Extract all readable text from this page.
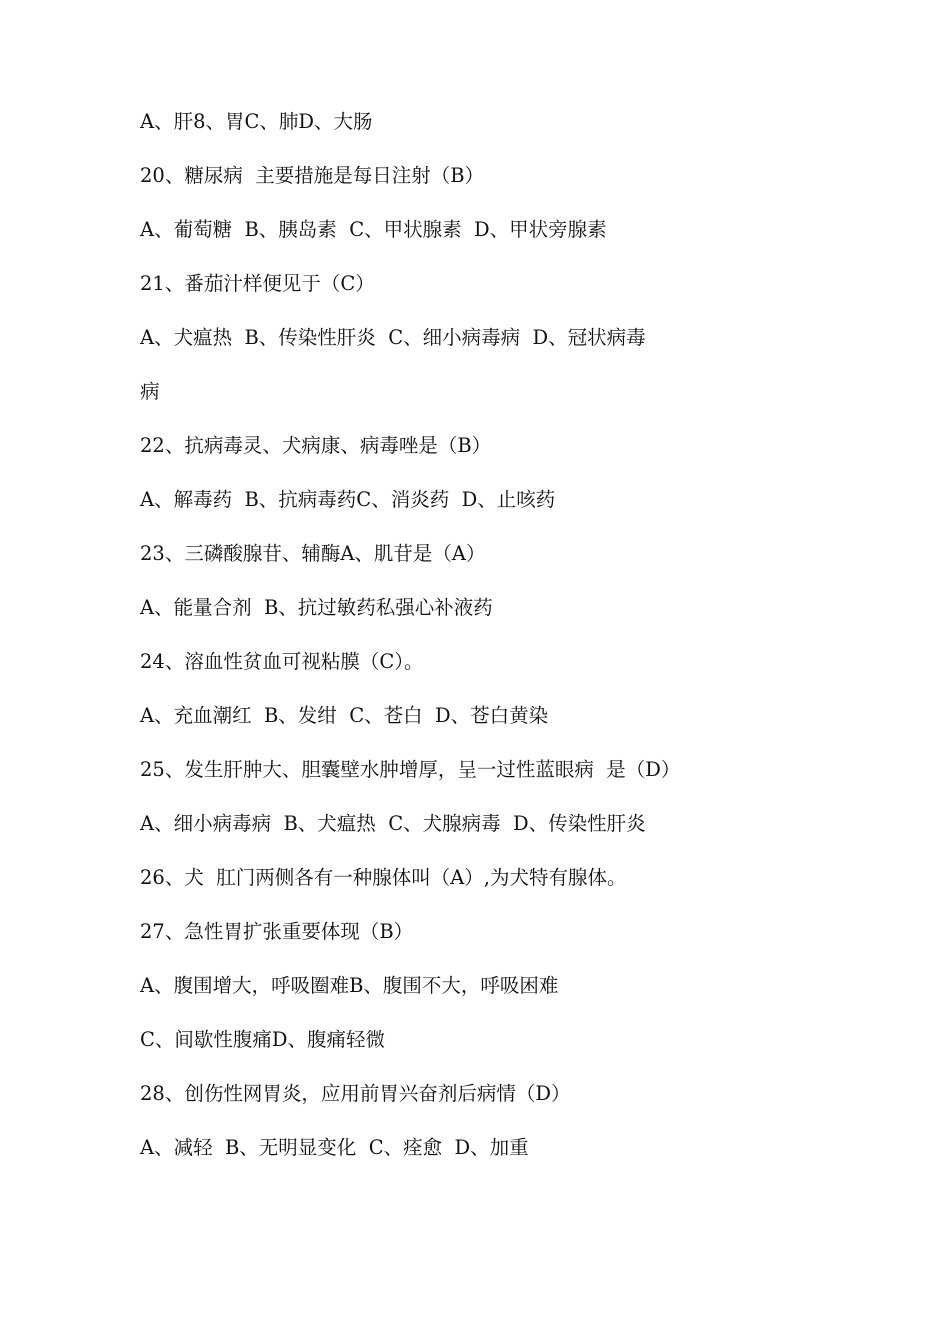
A、肝8、胃C、肺D、大肠
20、糖尿病  主要措施是每日注射（B）
A、葡萄糖  B、胰岛素  C、甲状腺素  D、甲状旁腺素
21、番茄汁样便见于（C）
A、犬瘟热  B、传染性肝炎  C、细小病毒病  D、冠状病毒
病
22、抗病毒灵、犬病康、病毒唑是（B）
A、解毒药  B、抗病毒药C、消炎药  D、止咳药
23、三磷酸腺苷、辅酶A、肌苷是（A）
A、能量合剂  B、抗过敏药私强心补液药
24、溶血性贫血可视粘膜（C）。
A、充血潮红  B、发绀  C、苍白  D、苍白黄染
25、发生肝肿大、胆囊壁水肿增厚，呈一过性蓝眼病  是（D）
A、细小病毒病  B、犬瘟热  C、犬腺病毒  D、传染性肝炎
26、犬  肛门两侧各有一种腺体叫（A）,为犬特有腺体。
27、急性胃扩张重要体现（B）
A、腹围增大，呼吸圈难B、腹围不大，呼吸困难
C、间歇性腹痛D、腹痛轻微
28、创伤性网胃炎，应用前胃兴奋剂后病情（D）
A、减轻  B、无明显变化  C、痊愈  D、加重
